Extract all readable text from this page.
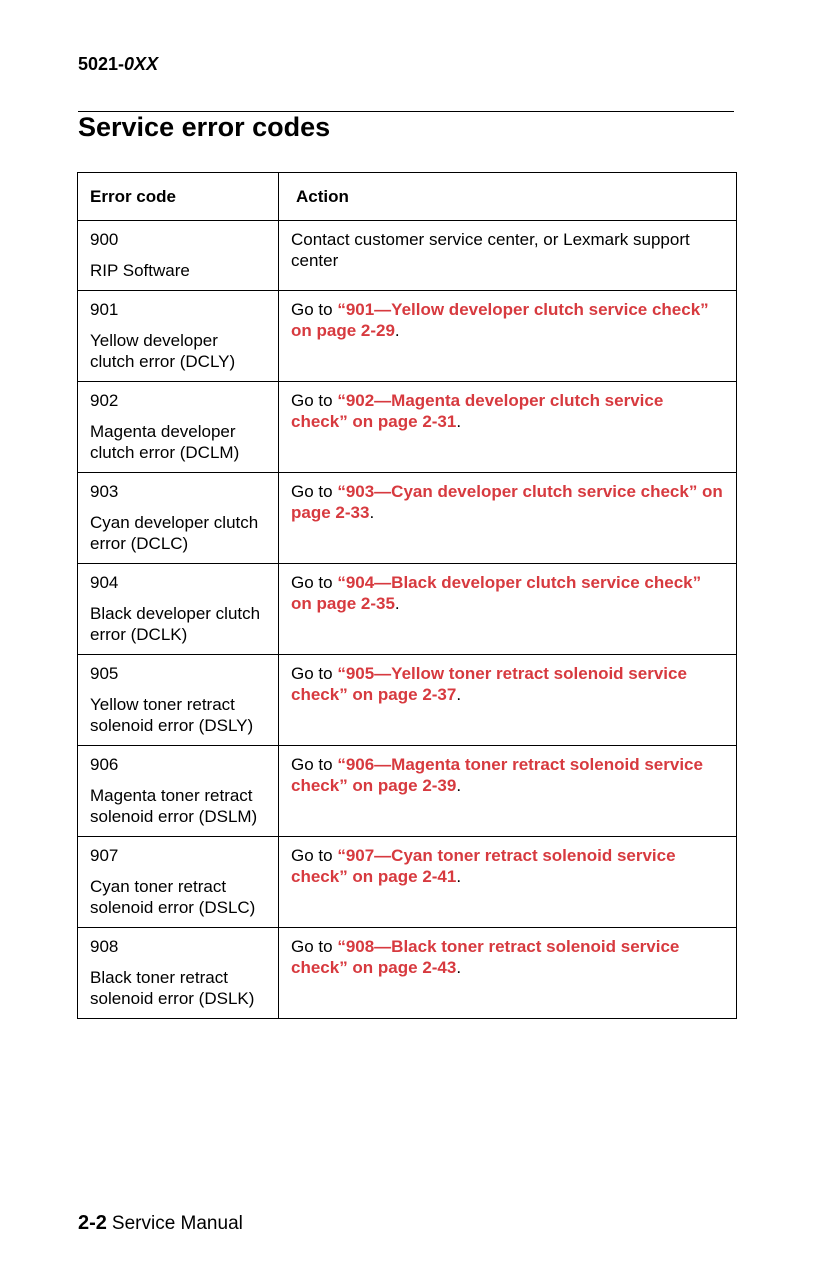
5021-0XX
Service error codes
Error code	Action

900
RIP Software	Contact customer service center, or Lexmark support center

901
Yellow developer clutch error (DCLY)	Go to “901—Yellow developer clutch service check” on page 2-29.

902
Magenta developer clutch error (DCLM)	Go to “902—Magenta developer clutch service check” on page 2-31.

903
Cyan developer clutch error (DCLC)	Go to “903—Cyan developer clutch service check” on page 2-33.

904
Black developer clutch error (DCLK)	Go to “904—Black developer clutch service check” on page 2-35.

905
Yellow toner retract solenoid error (DSLY)	Go to “905—Yellow toner retract solenoid service check” on page 2-37.

906
Magenta toner retract solenoid error (DSLM)	Go to “906—Magenta toner retract solenoid service check” on page 2-39.

907
Cyan toner retract solenoid error (DSLC)	Go to “907—Cyan toner retract solenoid service check” on page 2-41.

908
Black toner retract solenoid error (DSLK)	Go to “908—Black toner retract solenoid service check” on page 2-43.
2-2 Service Manual
